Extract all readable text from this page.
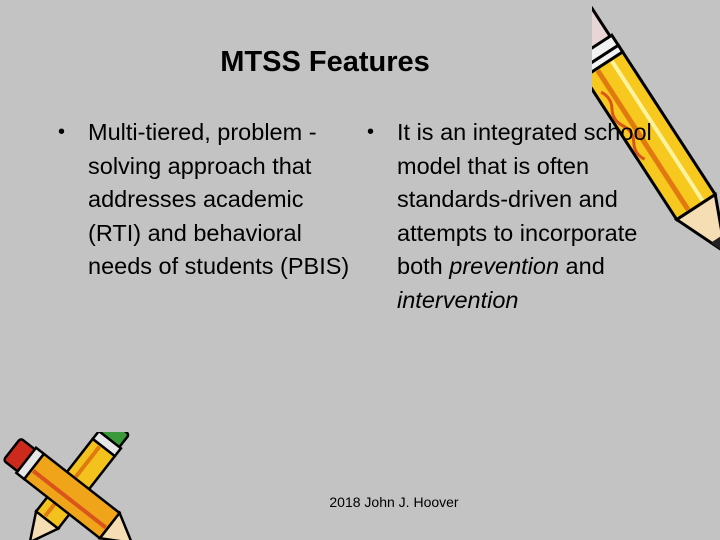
MTSS Features
• Multi-tiered, problem -solving approach that addresses academic (RTI) and behavioral needs of students (PBIS)
• It is an integrated school model that is often standards-driven and attempts to incorporate both prevention and intervention
2018 John J. Hoover
